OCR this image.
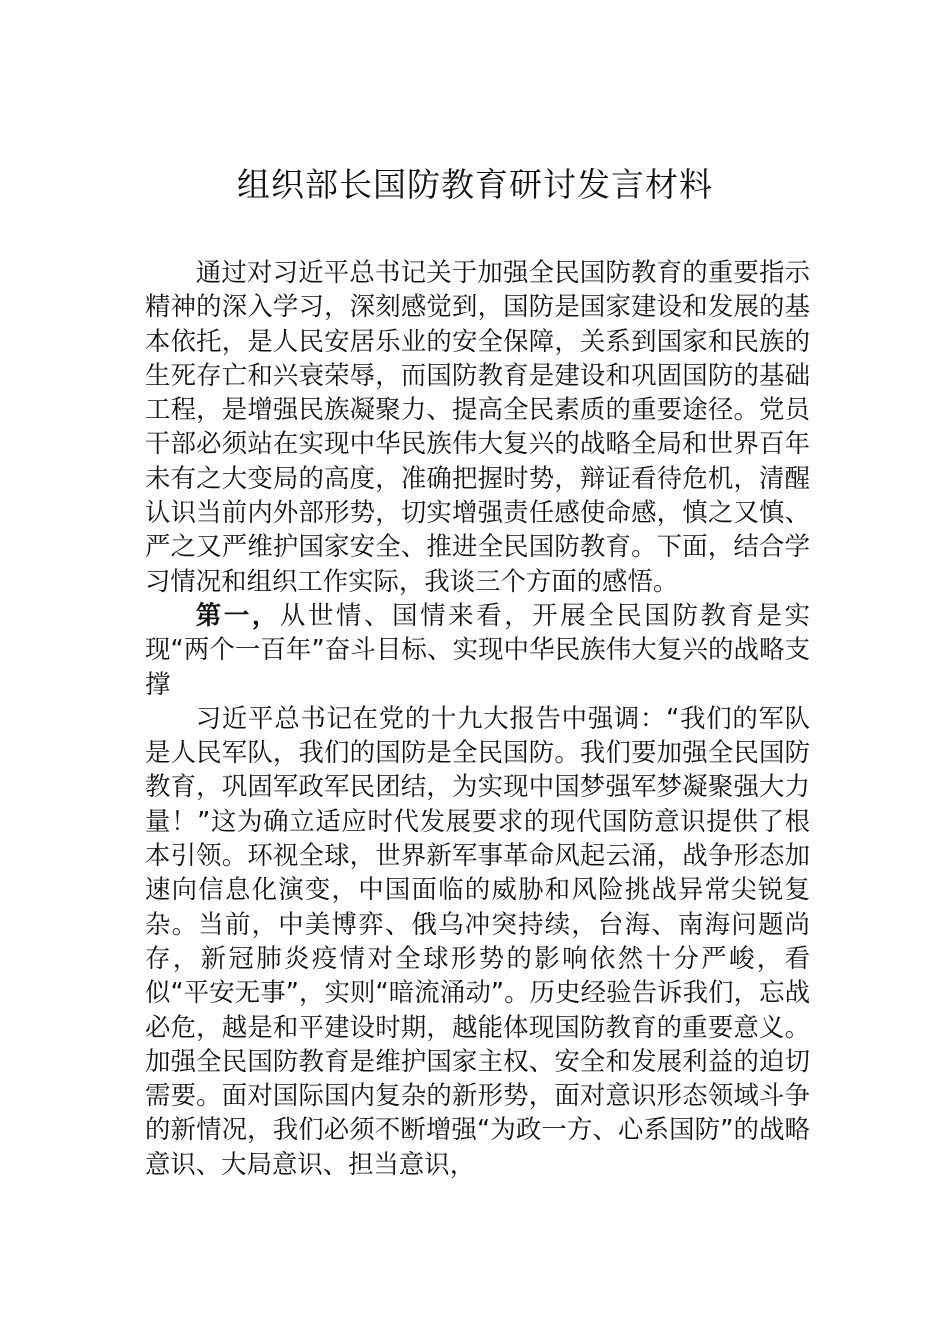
组织部长国防教育研讨发言材料

通过对习近平总书记关于加强全民国防教育的重要指示精神的深入学习，深刻感觉到，国防是国家建设和发展的基本依托，是人民安居乐业的安全保障，关系到国家和民族的生死存亡和兴衰荣辱，而国防教育是建设和巩固国防的基础工程，是增强民族凝聚力、提高全民素质的重要途径。党员干部必须站在实现中华民族伟大复兴的战略全局和世界百年未有之大变局的高度，准确把握时势，辩证看待危机，清醒认识当前内外部形势，切实增强责任感使命感，慎之又慎、严之又严维护国家安全、推进全民国防教育。下面，结合学习情况和组织工作实际，我谈三个方面的感悟。

第一，从世情、国情来看，开展全民国防教育是实现“两个一百年”奋斗目标、实现中华民族伟大复兴的战略支撑

习近平总书记在党的十九大报告中强调：“我们的军队是人民军队，我们的国防是全民国防。我们要加强全民国防教育，巩固军政军民团结，为实现中国梦强军梦凝聚强大力量！”这为确立适应时代发展要求的现代国防意识提供了根本引领。环视全球，世界新军事革命风起云涌，战争形态加速向信息化演变，中国面临的威胁和风险挑战异常尖锐复杂。当前，中美博弈、俄乌冲突持续，台海、南海问题尚存，新冠肺炎疫情对全球形势的影响依然十分严峻，看似“平安无事”，实则“暗流涌动”。历史经验告诉我们，忘战必危，越是和平建设时期，越能体现国防教育的重要意义。加强全民国防教育是维护国家主权、安全和发展利益的迫切需要。面对国际国内复杂的新形势，面对意识形态领域斗争的新情况，我们必须不断增强“为政一方、心系国防”的战略意识、大局意识、担当意识，
